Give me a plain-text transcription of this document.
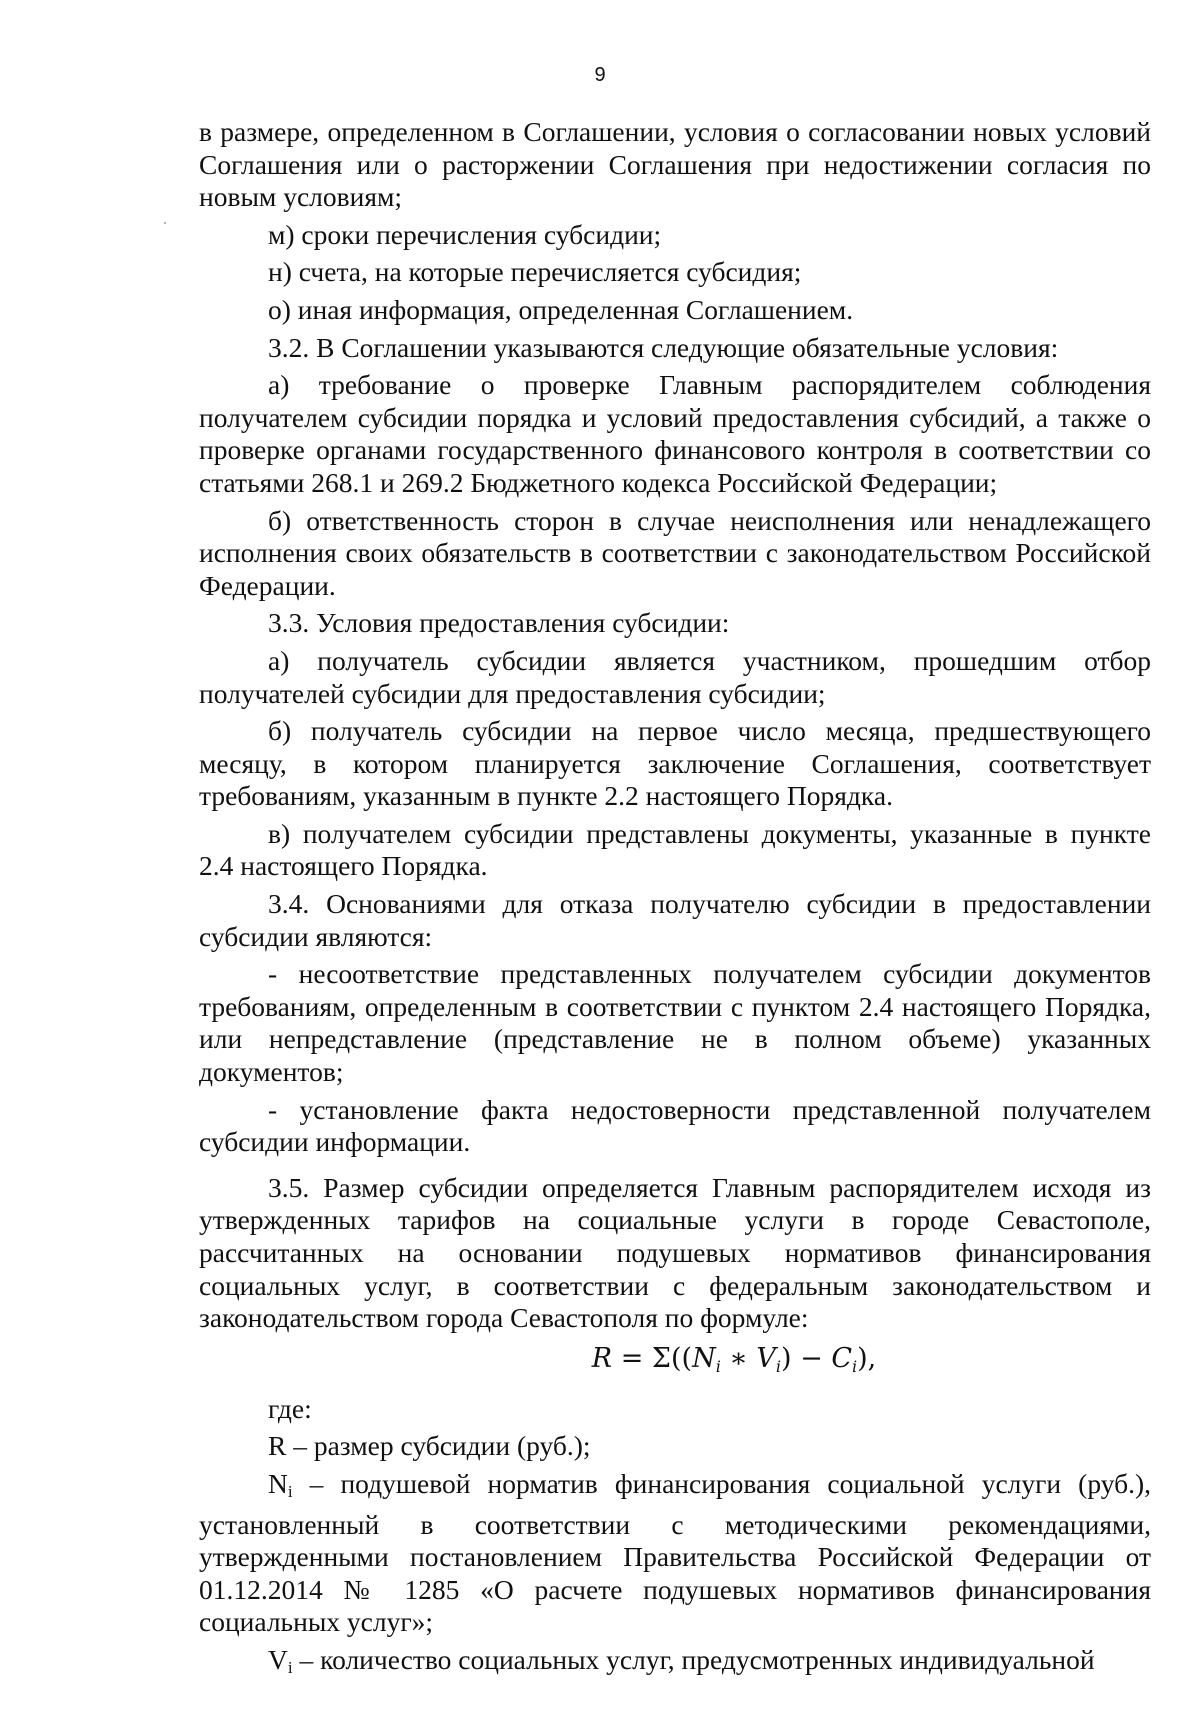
9

в размере, определенном в Соглашении, условия о согласовании новых условий Соглашения или о расторжении Соглашения при недостижении согласия по новым условиям;

м) сроки перечисления субсидии;

н) счета, на которые перечисляется субсидия;

о) иная информация, определенная Соглашением.

3.2. В Соглашении указываются следующие обязательные условия:

а) требование о проверке Главным распорядителем соблюдения получателем субсидии порядка и условий предоставления субсидий, а также о проверке органами государственного финансового контроля в соответствии со статьями 268.1 и 269.2 Бюджетного кодекса Российской Федерации;

б) ответственность сторон в случае неисполнения или ненадлежащего исполнения своих обязательств в соответствии с законодательством Российской Федерации.

3.3. Условия предоставления субсидии:

а) получатель субсидии является участником, прошедшим отбор получателей субсидии для предоставления субсидии;

б) получатель субсидии на первое число месяца, предшествующего месяцу, в котором планируется заключение Соглашения, соответствует требованиям, указанным в пункте 2.2 настоящего Порядка.

в) получателем субсидии представлены документы, указанные в пункте 2.4 настоящего Порядка.

3.4. Основаниями для отказа получателю субсидии в предоставлении субсидии являются:

- несоответствие представленных получателем субсидии документов требованиям, определенным в соответствии с пунктом 2.4 настоящего Порядка, или непредставление (представление не в полном объеме) указанных документов;

- установление факта недостоверности представленной получателем субсидии информации.

3.5. Размер субсидии определяется Главным распорядителем исходя из утвержденных тарифов на социальные услуги в городе Севастополе, рассчитанных на основании подушевых нормативов финансирования социальных услуг, в соответствии с федеральным законодательством и законодательством города Севастополя по формуле:

$R = \Sigma((N_i$ ∗ $V_i) - C_i$),

где:

R – размер субсидии (руб.);

Ni – подушевой норматив финансирования социальной услуги (руб.), установленный в соответствии с методическими рекомендациями, утвержденными постановлением Правительства Российской Федерации от 01.12.2014 № 1285 «О расчете подушевых нормативов финансирования социальных услуг»;

Vi – количество социальных услуг, предусмотренных индивидуальной
